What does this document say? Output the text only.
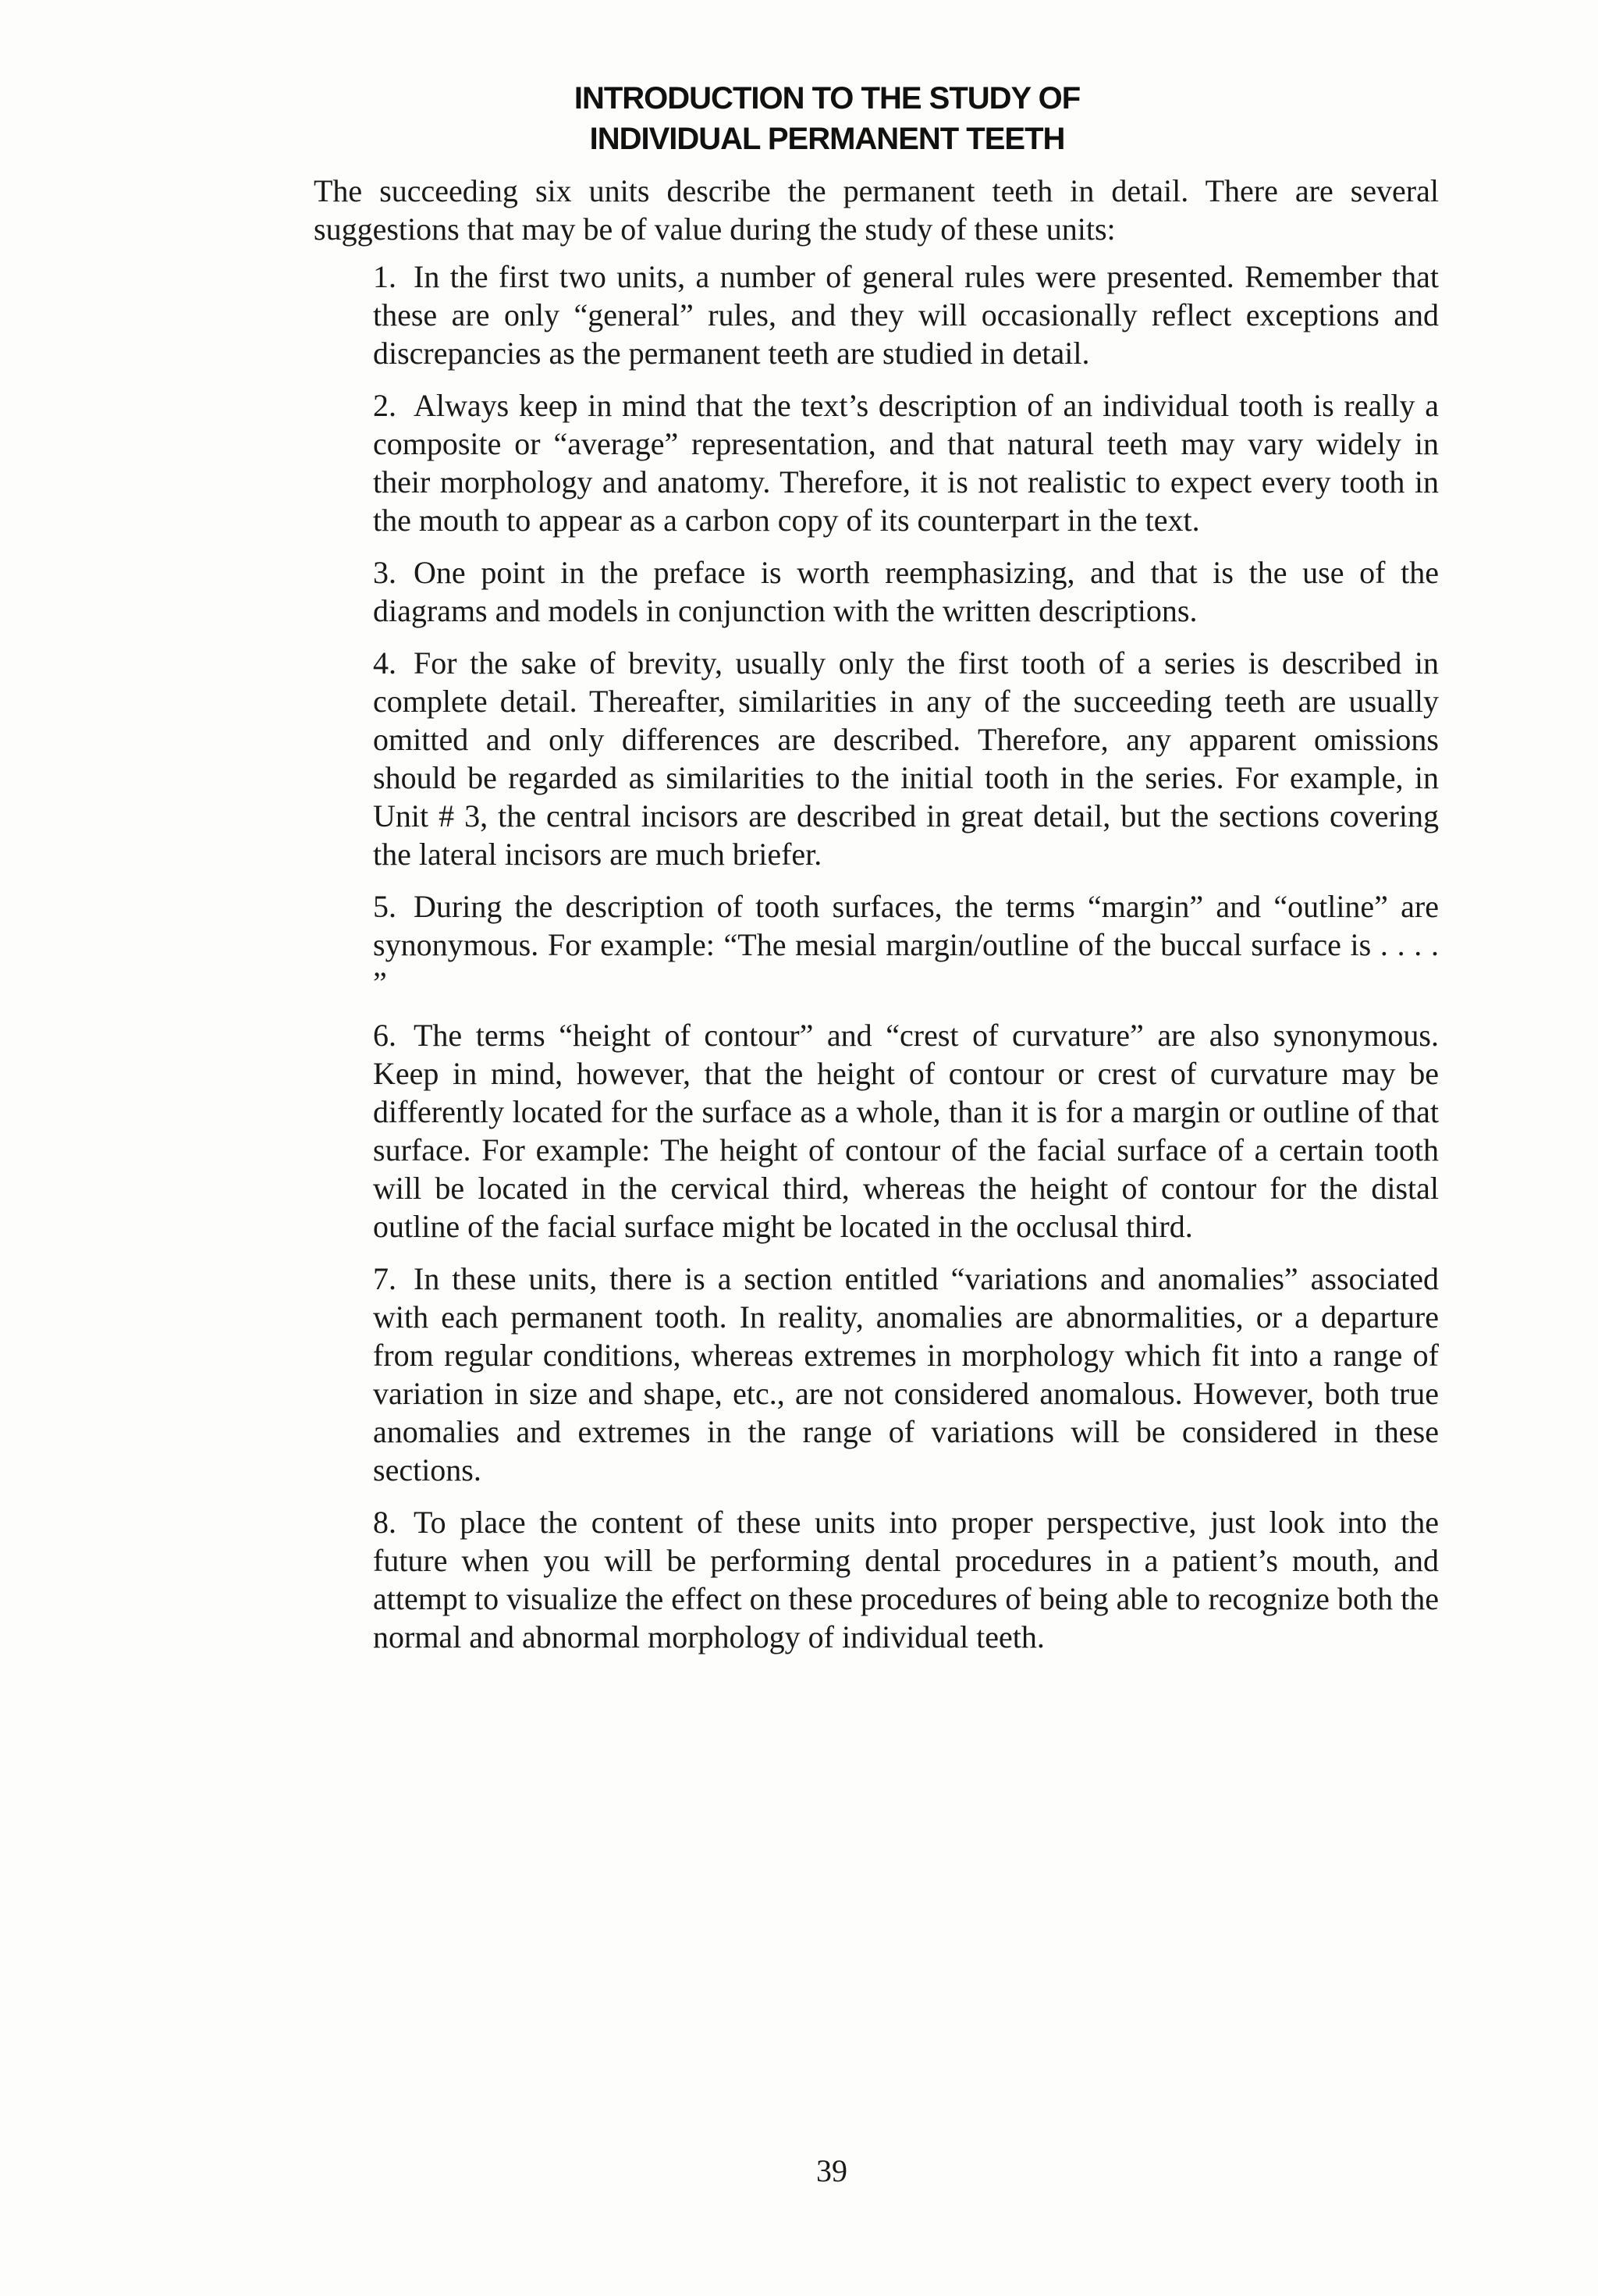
INTRODUCTION TO THE STUDY OF
INDIVIDUAL PERMANENT TEETH
The succeeding six units describe the permanent teeth in detail. There are several suggestions that may be of value during the study of these units:
1. In the first two units, a number of general rules were presented. Remember that these are only “general” rules, and they will occasionally reflect exceptions and discrepancies as the permanent teeth are studied in detail.
2. Always keep in mind that the text’s description of an individual tooth is really a composite or “average” representation, and that natural teeth may vary widely in their morphology and anatomy. Therefore, it is not realistic to expect every tooth in the mouth to appear as a carbon copy of its counterpart in the text.
3. One point in the preface is worth reemphasizing, and that is the use of the diagrams and models in conjunction with the written descriptions.
4. For the sake of brevity, usually only the first tooth of a series is described in complete detail. Thereafter, similarities in any of the succeeding teeth are usually omitted and only differences are described. Therefore, any apparent omissions should be regarded as similarities to the initial tooth in the series. For example, in Unit # 3, the central incisors are described in great detail, but the sections covering the lateral incisors are much briefer.
5. During the description of tooth surfaces, the terms “margin” and “outline” are synonymous. For example: “The mesial margin/outline of the buccal surface is . . . . ”
6. The terms “height of contour” and “crest of curvature” are also synonymous. Keep in mind, however, that the height of contour or crest of curvature may be differently located for the surface as a whole, than it is for a margin or outline of that surface. For example: The height of contour of the facial surface of a certain tooth will be located in the cervical third, whereas the height of contour for the distal outline of the facial surface might be located in the occlusal third.
7. In these units, there is a section entitled “variations and anomalies” associated with each permanent tooth. In reality, anomalies are abnormalities, or a departure from regular conditions, whereas extremes in morphology which fit into a range of variation in size and shape, etc., are not considered anomalous. However, both true anomalies and extremes in the range of variations will be considered in these sections.
8. To place the content of these units into proper perspective, just look into the future when you will be performing dental procedures in a patient’s mouth, and attempt to visualize the effect on these procedures of being able to recognize both the normal and abnormal morphology of individual teeth.
39
